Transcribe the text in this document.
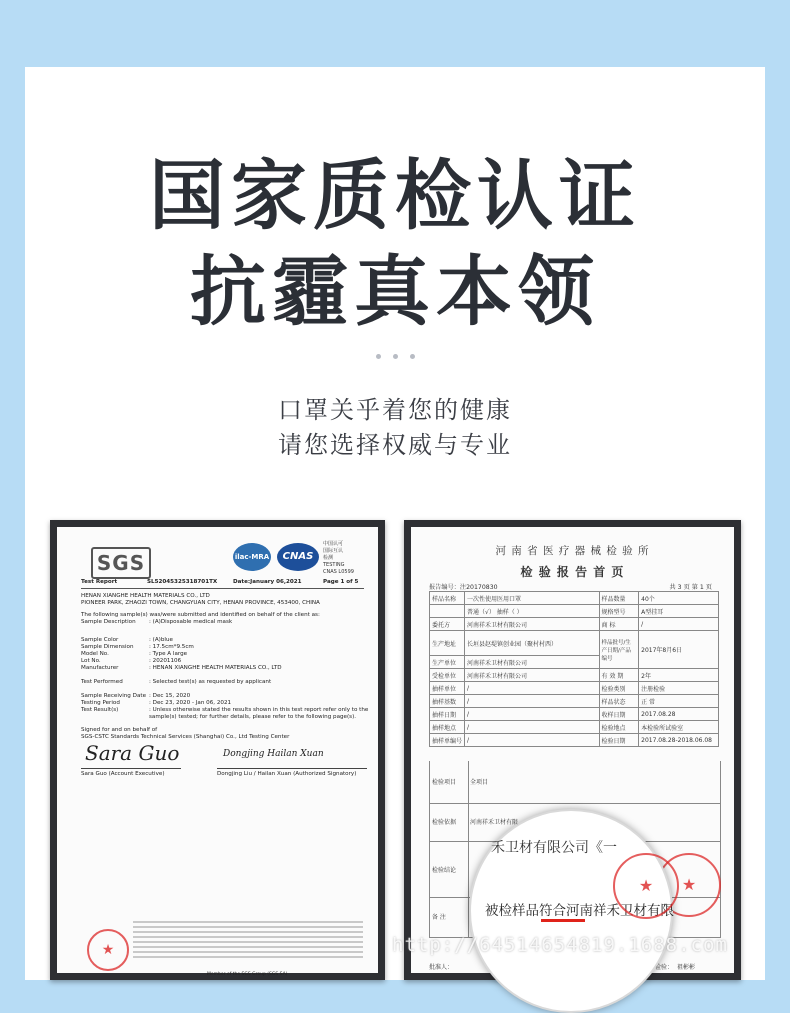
国家质检认证
抗霾真本领
口罩关乎着您的健康
请您选择权威与专业
SGS	ilac-MRA	CNAS
中国认可
国际互认
检测
TESTING
CNAS L0599
Test Report	SL52045325318701TX	Date:January 06,2021	Page 1 of 5
HENAN XIANGHE HEALTH MATERIALS CO., LTD
PIONEER PARK, ZHAOZI TOWN, CHANGYUAN CITY, HENAN PROVINCE, 453400, CHINA
The following sample(s) was/were submitted and identified on behalf of the client as:
Sample Description : (A)Disposable medical mask
Sample Color	: (A)blue
Sample Dimension	: 17.5cm*9.5cm
Model No.	: Type A large
Lot No.	: 20201106
Manufacturer	: HENAN XIANGHE HEALTH MATERIALS CO., LTD
Test Performed	: Selected test(s) as requested by applicant
Sample Receiving Date : Dec 15, 2020
Testing Period	: Dec 23, 2020 - Jan 06, 2021
Test Result(s)	: Unless otherwise stated the results shown in this test report refer only to the
sample(s) tested; for further details, please refer to the following page(s).
Signed for and on behalf of
SGS-CSTC Standards Technical Services (Shanghai) Co., Ltd Testing Center
Sara Guo	Dongjing Hailan Xuan
Sara Guo (Account Executive)	Dongjing Liu / Hailan Xuan (Authorized Signatory)
★
Member of the SGS Group (SGS SA)
河 南 省 医 疗 器 械 检 验 所
检 验 报 告 首 页
报告编号：注20170830	共 3 页 第 1 页
样品名称	一次性使用医用口罩	样品数量	40个
	普通（√） 抽样（ ）	规格型号	A型挂耳
委托方	河南祥禾卫材有限公司	商 标	/
生产地址	长垣县赵堤镇创业园（聚村村西）	样品批号/生产日期/产品编号	2017年8月6日
生产单位	河南祥禾卫材有限公司		
受检单位	河南祥禾卫材有限公司	有 效 期	2年
抽样单位	/	检验类别	注册检验
抽样基数	/	样品状态	正 常
抽样日期	/	收样日期	2017.08.28
抽样地点	/	检验地点	本检验所试验室
抽样单编号	/	检验日期	2017.08.28-2018.06.08
检验项目	全项目
检验依据	河南祥禾卫材有限
检验结论
备 注
批准人：	检验： 祖彬彬
★
禾卫材有限公司《一
被检样品符合河南祥禾卫材有限
★
http://64514654819.1688.com
